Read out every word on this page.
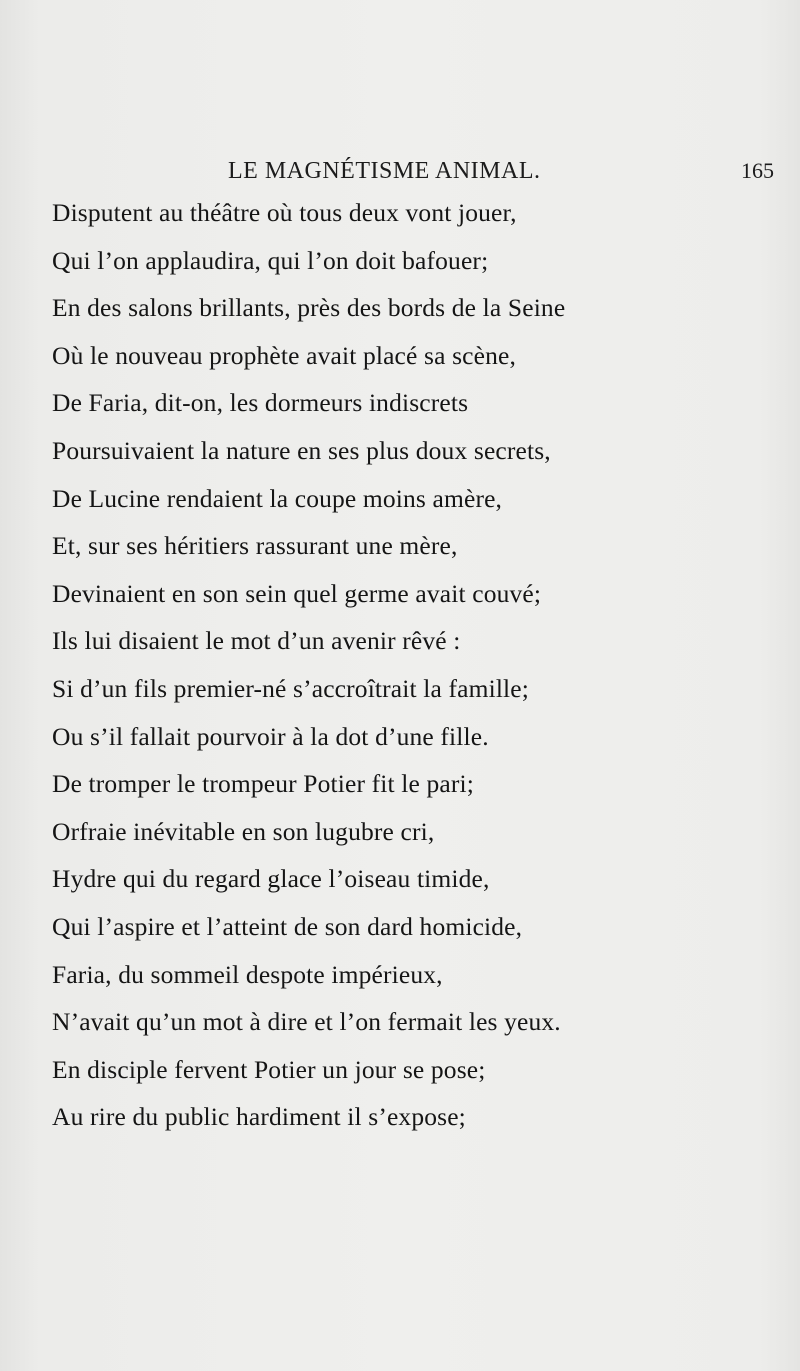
LE MAGNÉTISME ANIMAL.	165
Disputent au théâtre où tous deux vont jouer,
Qui l’on applaudira, qui l’on doit bafouer;
En des salons brillants, près des bords de la Seine
Où le nouveau prophète avait placé sa scène,
De Faria, dit-on, les dormeurs indiscrets
Poursuivaient la nature en ses plus doux secrets,
De Lucine rendaient la coupe moins amère,
Et, sur ses héritiers rassurant une mère,
Devinaient en son sein quel germe avait couvé;
Ils lui disaient le mot d’un avenir rêvé :
Si d’un fils premier-né s’accroîtrait la famille;
Ou s’il fallait pourvoir à la dot d’une fille.
De tromper le trompeur Potier fit le pari;
Orfraie inévitable en son lugubre cri,
Hydre qui du regard glace l’oiseau timide,
Qui l’aspire et l’atteint de son dard homicide,
Faria, du sommeil despote impérieux,
N’avait qu’un mot à dire et l’on fermait les yeux.
En disciple fervent Potier un jour se pose;
Au rire du public hardiment il s’expose;
